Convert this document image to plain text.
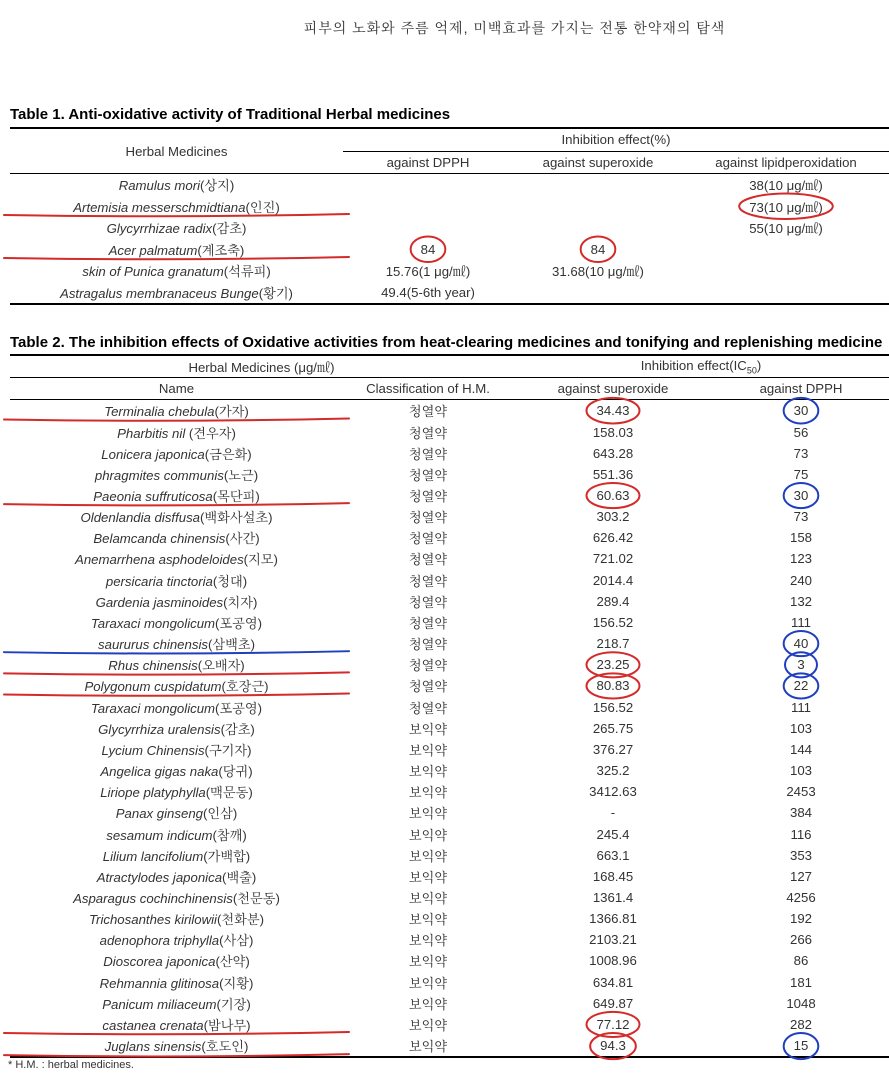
피부의 노화와 주름 억제, 미백효과를 가지는 전통 한약재의 탐색
Table 1. Anti-oxidative activity of Traditional Herbal medicines
Herbal Medicines	Inhibition effect(%)		
	against DPPH	against superoxide	against lipidperoxidation
Ramulus mori(상지)			38(10 μg/㎖)
Artemisia messerschmidtiana(인진)			73(10 μg/㎖)
Glycyrrhizae radix(감초)			55(10 μg/㎖)
Acer palmatum(계조축)	84	84	
skin of Punica granatum(석류피)	15.76(1 μg/㎖)	31.68(10 μg/㎖)	
Astragalus membranaceus Bunge(황기)	49.4(5-6th year)		
Table 2. The inhibition effects of Oxidative activities from heat-clearing medicines and tonifying and replenishing medicine
Herbal Medicines (μg/㎖)		Inhibition $effect(IC_{50})$	
Name	Classification of H.M.	against superoxide	against DPPH
Terminalia chebula(가자)	청열약	34.43	30
Pharbitis nil (견우자)	청열약	158.03	56
Lonicera japonica(금은화)	청열약	643.28	73
phragmites communis(노근)	청열약	551.36	75
Paeonia suffruticosa(목단피)	청열약	60.63	30
Oldenlandia disffusa(백화사설초)	청열약	303.2	73
Belamcanda chinensis(사간)	청열약	626.42	158
Anemarrhena asphodeloides(지모)	청열약	721.02	123
persicaria tinctoria(청대)	청열약	2014.4	240
Gardenia jasminoides(치자)	청열약	289.4	132
Taraxaci mongolicum(포공영)	청열약	156.52	111
saururus chinensis(삼백초)	청열약	218.7	40
Rhus chinensis(오배자)	청열약	23.25	3
Polygonum cuspidatum(호장근)	청열약	80.83	22
Taraxaci mongolicum(포공영)	청열약	156.52	111
Glycyrrhiza uralensis(감초)	보익약	265.75	103
Lycium Chinensis(구기자)	보익약	376.27	144
Angelica gigas naka(당귀)	보익약	325.2	103
Liriope platyphylla(맥문동)	보익약	3412.63	2453
Panax ginseng(인삼)	보익약	-	384
sesamum indicum(참깨)	보익약	245.4	116
Lilium lancifolium(가백합)	보익약	663.1	353
Atractylodes japonica(백출)	보익약	168.45	127
Asparagus cochinchinensis(천문동)	보익약	1361.4	4256
Trichosanthes kirilowii(천화분)	보익약	1366.81	192
adenophora triphylla(사삼)	보익약	2103.21	266
Dioscorea japonica(산약)	보익약	1008.96	86
Rehmannia glitinosa(지황)	보익약	634.81	181
Panicum miliaceum(기장)	보익약	649.87	1048
castanea crenata(밤나무)	보익약	77.12	282
Juglans sinensis(호도인)	보익약	94.3	15
* H.M. : herbal medicines.
